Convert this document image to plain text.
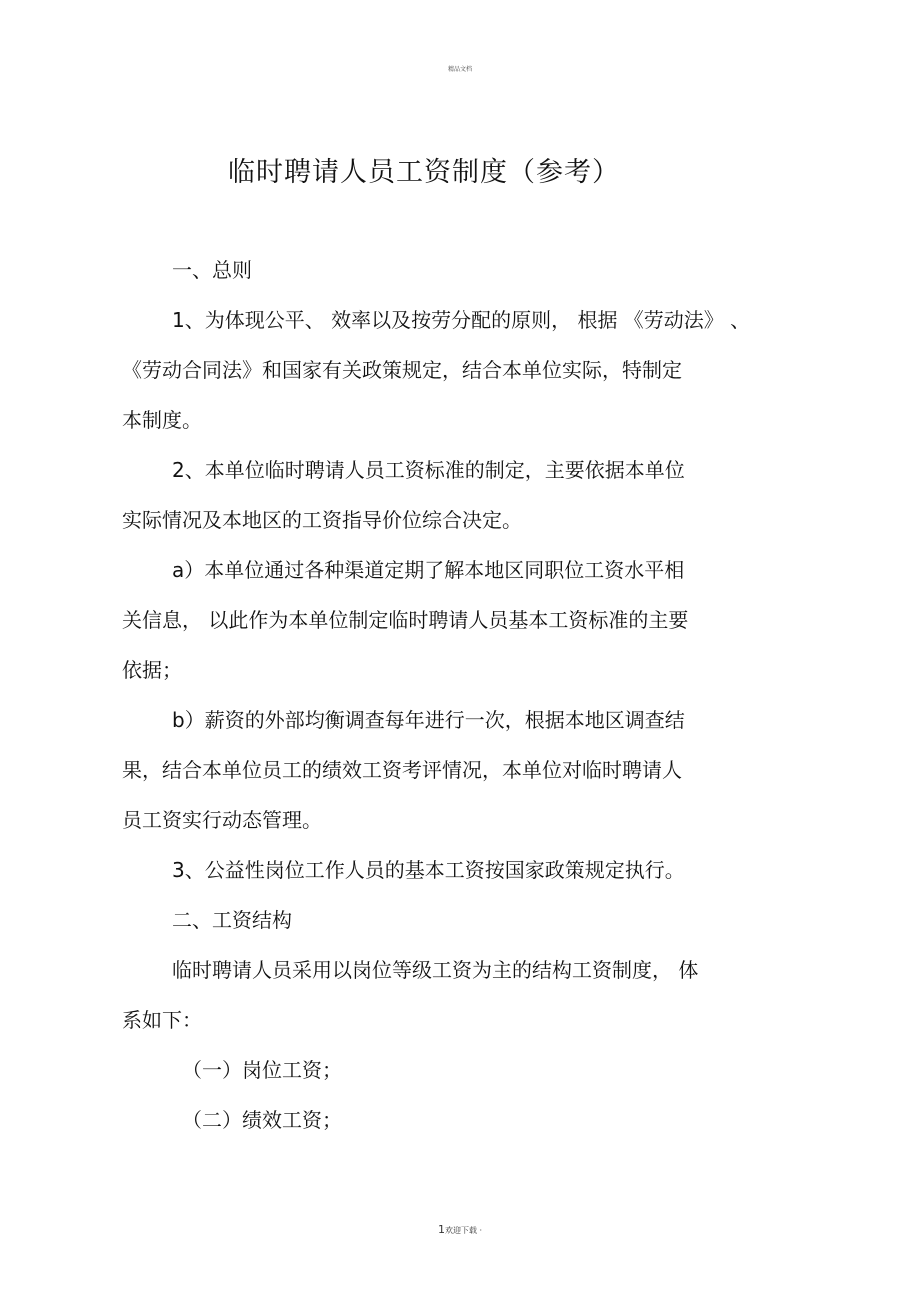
精品文档
临时聘请人员工资制度（参考）
一、总则
1、为体现公平、 效率以及按劳分配的原则， 根据 《劳动法》 、
《劳动合同法》和国家有关政策规定，结合本单位实际，特制定
本制度。
2、本单位临时聘请人员工资标准的制定，主要依据本单位
实际情况及本地区的工资指导价位综合决定。
a）本单位通过各种渠道定期了解本地区同职位工资水平相
关信息， 以此作为本单位制定临时聘请人员基本工资标准的主要
依据；
b）薪资的外部均衡调查每年进行一次，根据本地区调查结
果，结合本单位员工的绩效工资考评情况，本单位对临时聘请人
员工资实行动态管理。
3、公益性岗位工作人员的基本工资按国家政策规定执行。
二、工资结构
临时聘请人员采用以岗位等级工资为主的结构工资制度， 体
系如下：
（一）岗位工资；
（二）绩效工资；
1欢迎下载 ·
